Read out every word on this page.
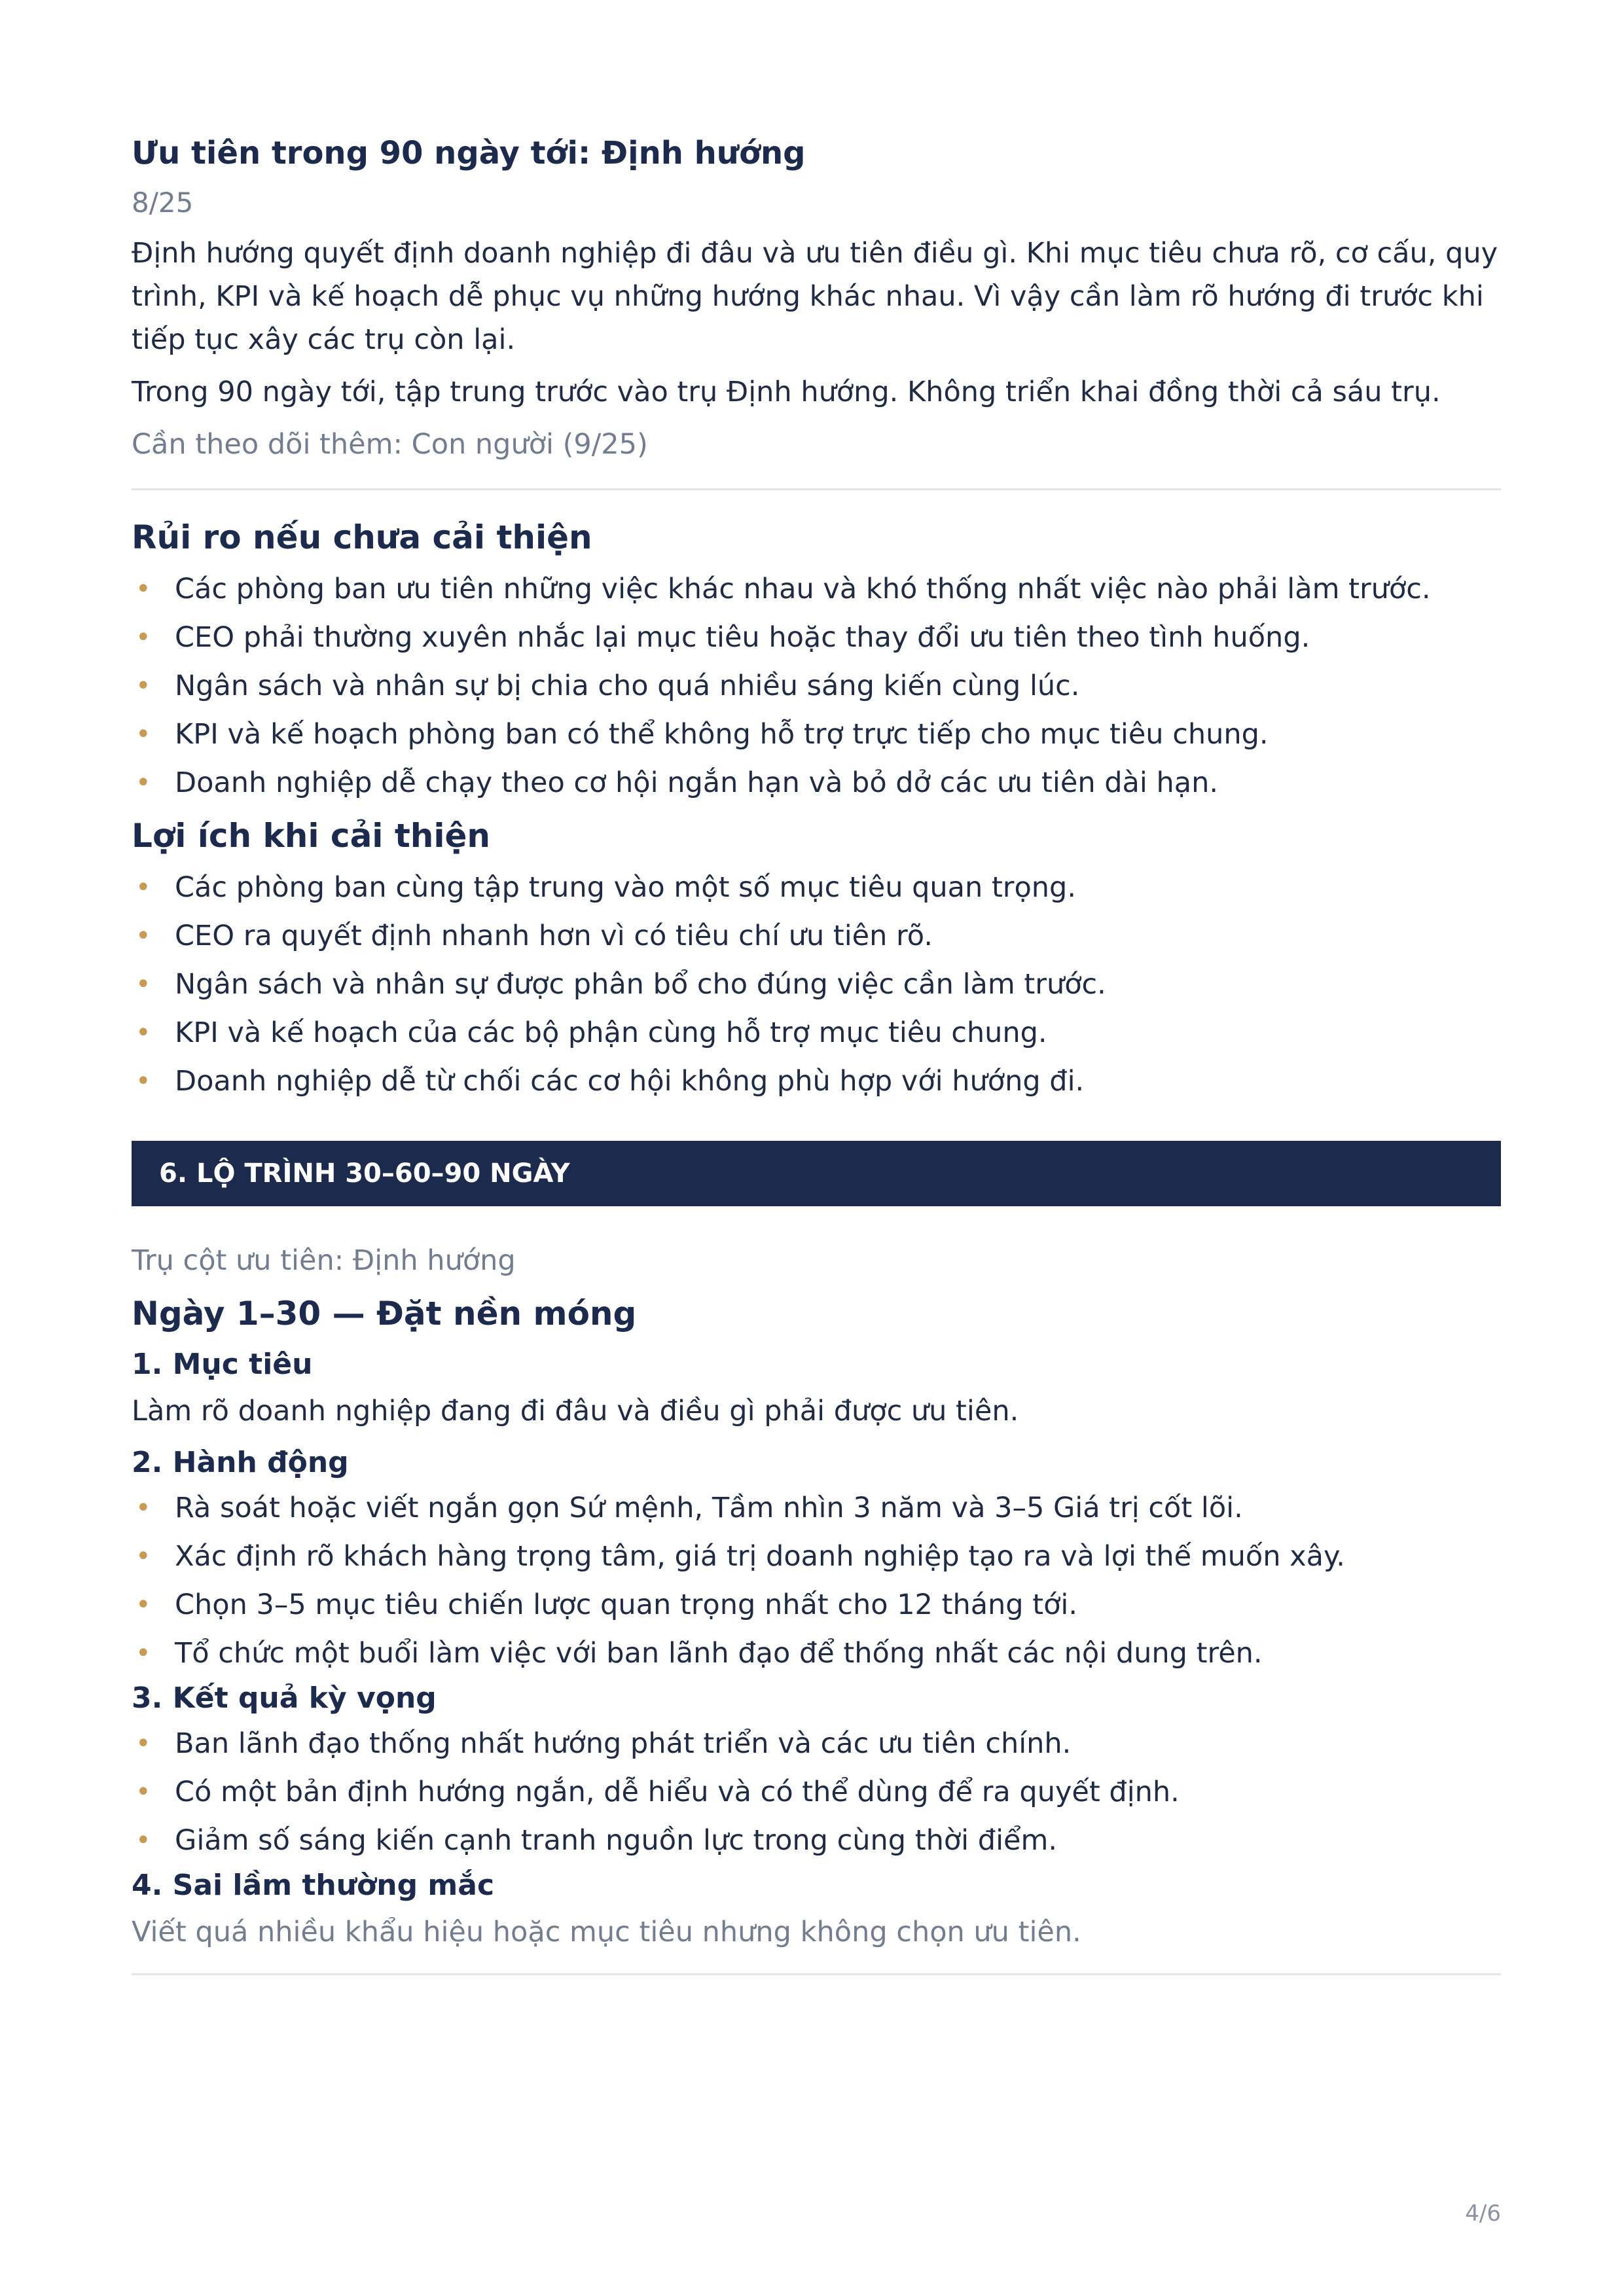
Ưu tiên trong 90 ngày tới: Định hướng
8/25

Định hướng quyết định doanh nghiệp đi đâu và ưu tiên điều gì. Khi mục tiêu chưa rõ, cơ cấu, quy trình, KPI và kế hoạch dễ phục vụ những hướng khác nhau. Vì vậy cần làm rõ hướng đi trước khi tiếp tục xây các trụ còn lại.

Trong 90 ngày tới, tập trung trước vào trụ Định hướng. Không triển khai đồng thời cả sáu trụ.

Cần theo dõi thêm: Con người (9/25)

Rủi ro nếu chưa cải thiện
• Các phòng ban ưu tiên những việc khác nhau và khó thống nhất việc nào phải làm trước.
• CEO phải thường xuyên nhắc lại mục tiêu hoặc thay đổi ưu tiên theo tình huống.
• Ngân sách và nhân sự bị chia cho quá nhiều sáng kiến cùng lúc.
• KPI và kế hoạch phòng ban có thể không hỗ trợ trực tiếp cho mục tiêu chung.
• Doanh nghiệp dễ chạy theo cơ hội ngắn hạn và bỏ dở các ưu tiên dài hạn.
Lợi ích khi cải thiện
• Các phòng ban cùng tập trung vào một số mục tiêu quan trọng.
• CEO ra quyết định nhanh hơn vì có tiêu chí ưu tiên rõ.
• Ngân sách và nhân sự được phân bổ cho đúng việc cần làm trước.
• KPI và kế hoạch của các bộ phận cùng hỗ trợ mục tiêu chung.
• Doanh nghiệp dễ từ chối các cơ hội không phù hợp với hướng đi.
6. LỘ TRÌNH 30–60–90 NGÀY

Trụ cột ưu tiên: Định hướng

Ngày 1–30 — Đặt nền móng
1. Mục tiêu

Làm rõ doanh nghiệp đang đi đâu và điều gì phải được ưu tiên.

2. Hành động
• Rà soát hoặc viết ngắn gọn Sứ mệnh, Tầm nhìn 3 năm và 3–5 Giá trị cốt lõi.
• Xác định rõ khách hàng trọng tâm, giá trị doanh nghiệp tạo ra và lợi thế muốn xây.
• Chọn 3–5 mục tiêu chiến lược quan trọng nhất cho 12 tháng tới.
• Tổ chức một buổi làm việc với ban lãnh đạo để thống nhất các nội dung trên.
3. Kết quả kỳ vọng
• Ban lãnh đạo thống nhất hướng phát triển và các ưu tiên chính.
• Có một bản định hướng ngắn, dễ hiểu và có thể dùng để ra quyết định.
• Giảm số sáng kiến cạnh tranh nguồn lực trong cùng thời điểm.
4. Sai lầm thường mắc

Viết quá nhiều khẩu hiệu hoặc mục tiêu nhưng không chọn ưu tiên.

4/6
